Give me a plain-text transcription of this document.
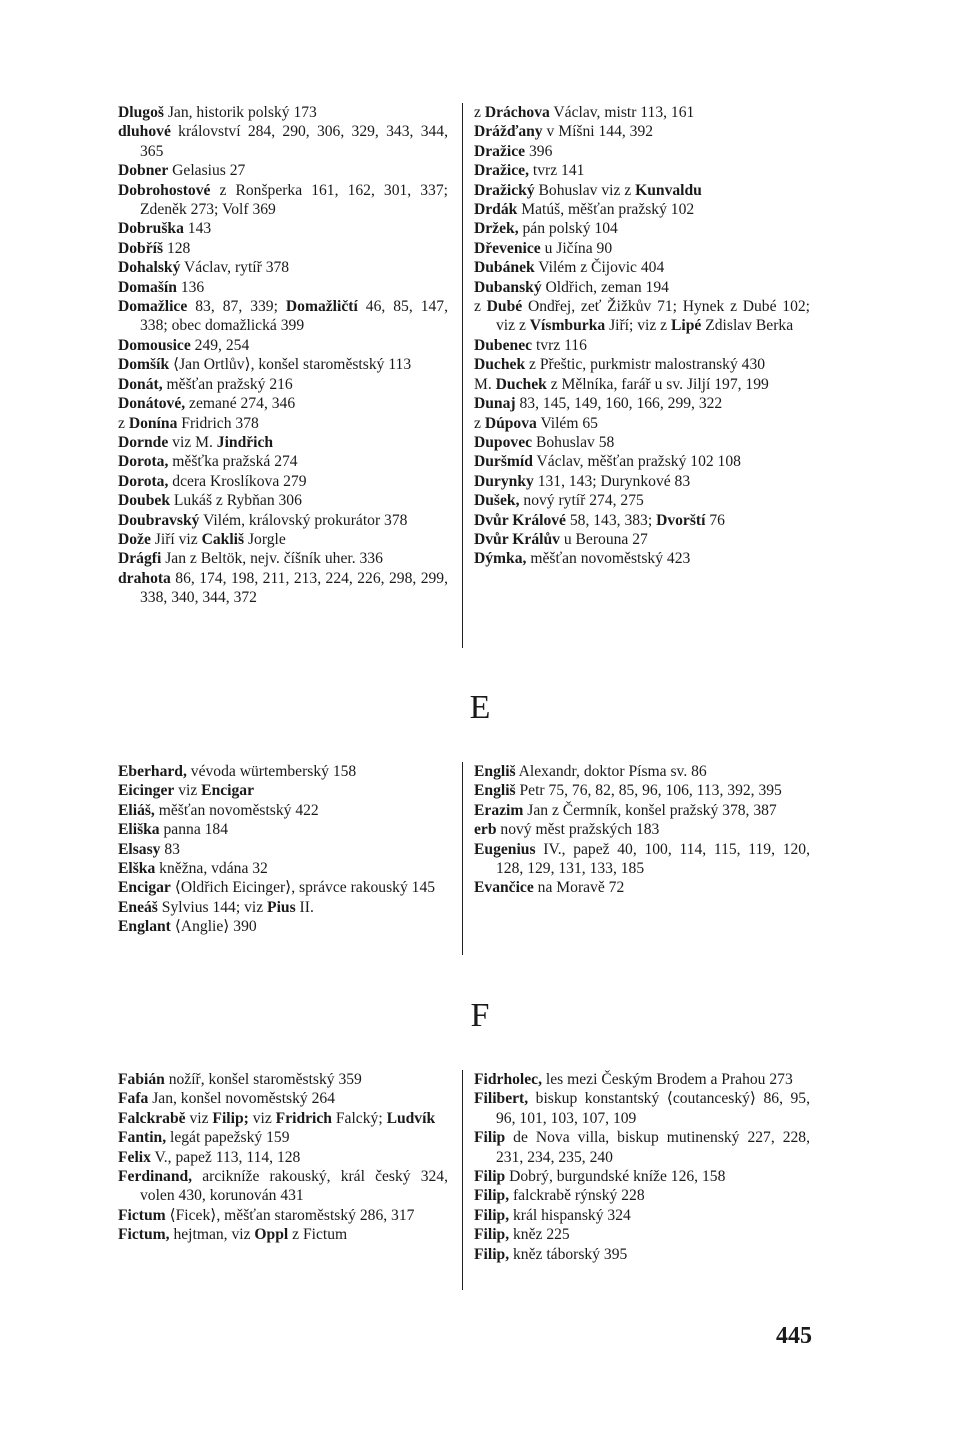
Dlugoš Jan, historik polský 173
dluhové království 284, 290, 306, 329, 343, 344, 365
Dobner Gelasius 27
Dobrohostové z Ronšperka 161, 162, 301, 337; Zdeněk 273; Volf 369
Dobruška 143
Dobříš 128
Dohalský Václav, rytíř 378
Domašín 136
Domažlice 83, 87, 339; Domažličtí 46, 85, 147, 338; obec domažlická 399
Domousice 249, 254
Domšík ⟨Jan Ortlův⟩, konšel staroměstský 113
Donát, měšťan pražský 216
Donátové, zemané 274, 346
z Donína Fridrich 378
Dornde viz M. Jindřich
Dorota, měšťka pražská 274
Dorota, dcera Kroslíkova 279
Doubek Lukáš z Rybňan 306
Doubravský Vilém, královský prokurátor 378
Dože Jiří viz Cakliš Jorgle
Drágfi Jan z Beltök, nejv. číšník uher. 336
drahota 86, 174, 198, 211, 213, 224, 226, 298, 299, 338, 340, 344, 372
z Dráchova Václav, mistr 113, 161
Drážďany v Míšni 144, 392
Dražice 396
Dražice, tvrz 141
Dražický Bohuslav viz z Kunvaldu
Drdák Matúš, měšťan pražský 102
Držek, pán polský 104
Dřevenice u Jičína 90
Dubánek Vilém z Čijovic 404
Dubanský Oldřich, zeman 194
z Dubé Ondřej, zeť Žižkův 71; Hynek z Dubé 102; viz z Vísmburka Jiří; viz z Lipé Zdislav Berka
Dubenec tvrz 116
Duchek z Přeštic, purkmistr malostranský 430
M. Duchek z Mělníka, farář u sv. Jiljí 197, 199
Dunaj 83, 145, 149, 160, 166, 299, 322
z Dúpova Vilém 65
Dupovec Bohuslav 58
Duršmíd Václav, měšťan pražský 102 108
Durynky 131, 143; Durynkové 83
Dušek, nový rytíř 274, 275
Dvůr Králové 58, 143, 383; Dvorští 76
Dvůr Králův u Berouna 27
Dýmka, měšťan novoměstský 423
E
Eberhard, vévoda würtemberský 158
Eicinger viz Encigar
Eliáš, měšťan novoměstský 422
Eliška panna 184
Elsasy 83
Elška kněžna, vdána 32
Encigar ⟨Oldřich Eicinger⟩, správce rakouský 145
Eneáš Sylvius 144; viz Pius II.
Englant ⟨Anglie⟩ 390
Engliš Alexandr, doktor Písma sv. 86
Engliš Petr 75, 76, 82, 85, 96, 106, 113, 392, 395
Erazim Jan z Čermník, konšel pražský 378, 387
erb nový měst pražských 183
Eugenius IV., papež 40, 100, 114, 115, 119, 120, 128, 129, 131, 133, 185
Evančice na Moravě 72
F
Fabián nožíř, konšel staroměstský 359
Fafa Jan, konšel novoměstský 264
Falckrabě viz Filip; viz Fridrich Falcký; Ludvík
Fantin, legát papežský 159
Felix V., papež 113, 114, 128
Ferdinand, arcikníže rakouský, král český 324, volen 430, korunován 431
Fictum ⟨Ficek⟩, měšťan staroměstský 286, 317
Fictum, hejtman, viz Oppl z Fictum
Fidrholec, les mezi Českým Brodem a Prahou 273
Filibert, biskup konstantský ⟨coutanceský⟩ 86, 95, 96, 101, 103, 107, 109
Filip de Nova villa, biskup mutinenský 227, 228, 231, 234, 235, 240
Filip Dobrý, burgundské kníže 126, 158
Filip, falckrabě rýnský 228
Filip, král hispanský 324
Filip, kněz 225
Filip, kněz táborský 395
445
